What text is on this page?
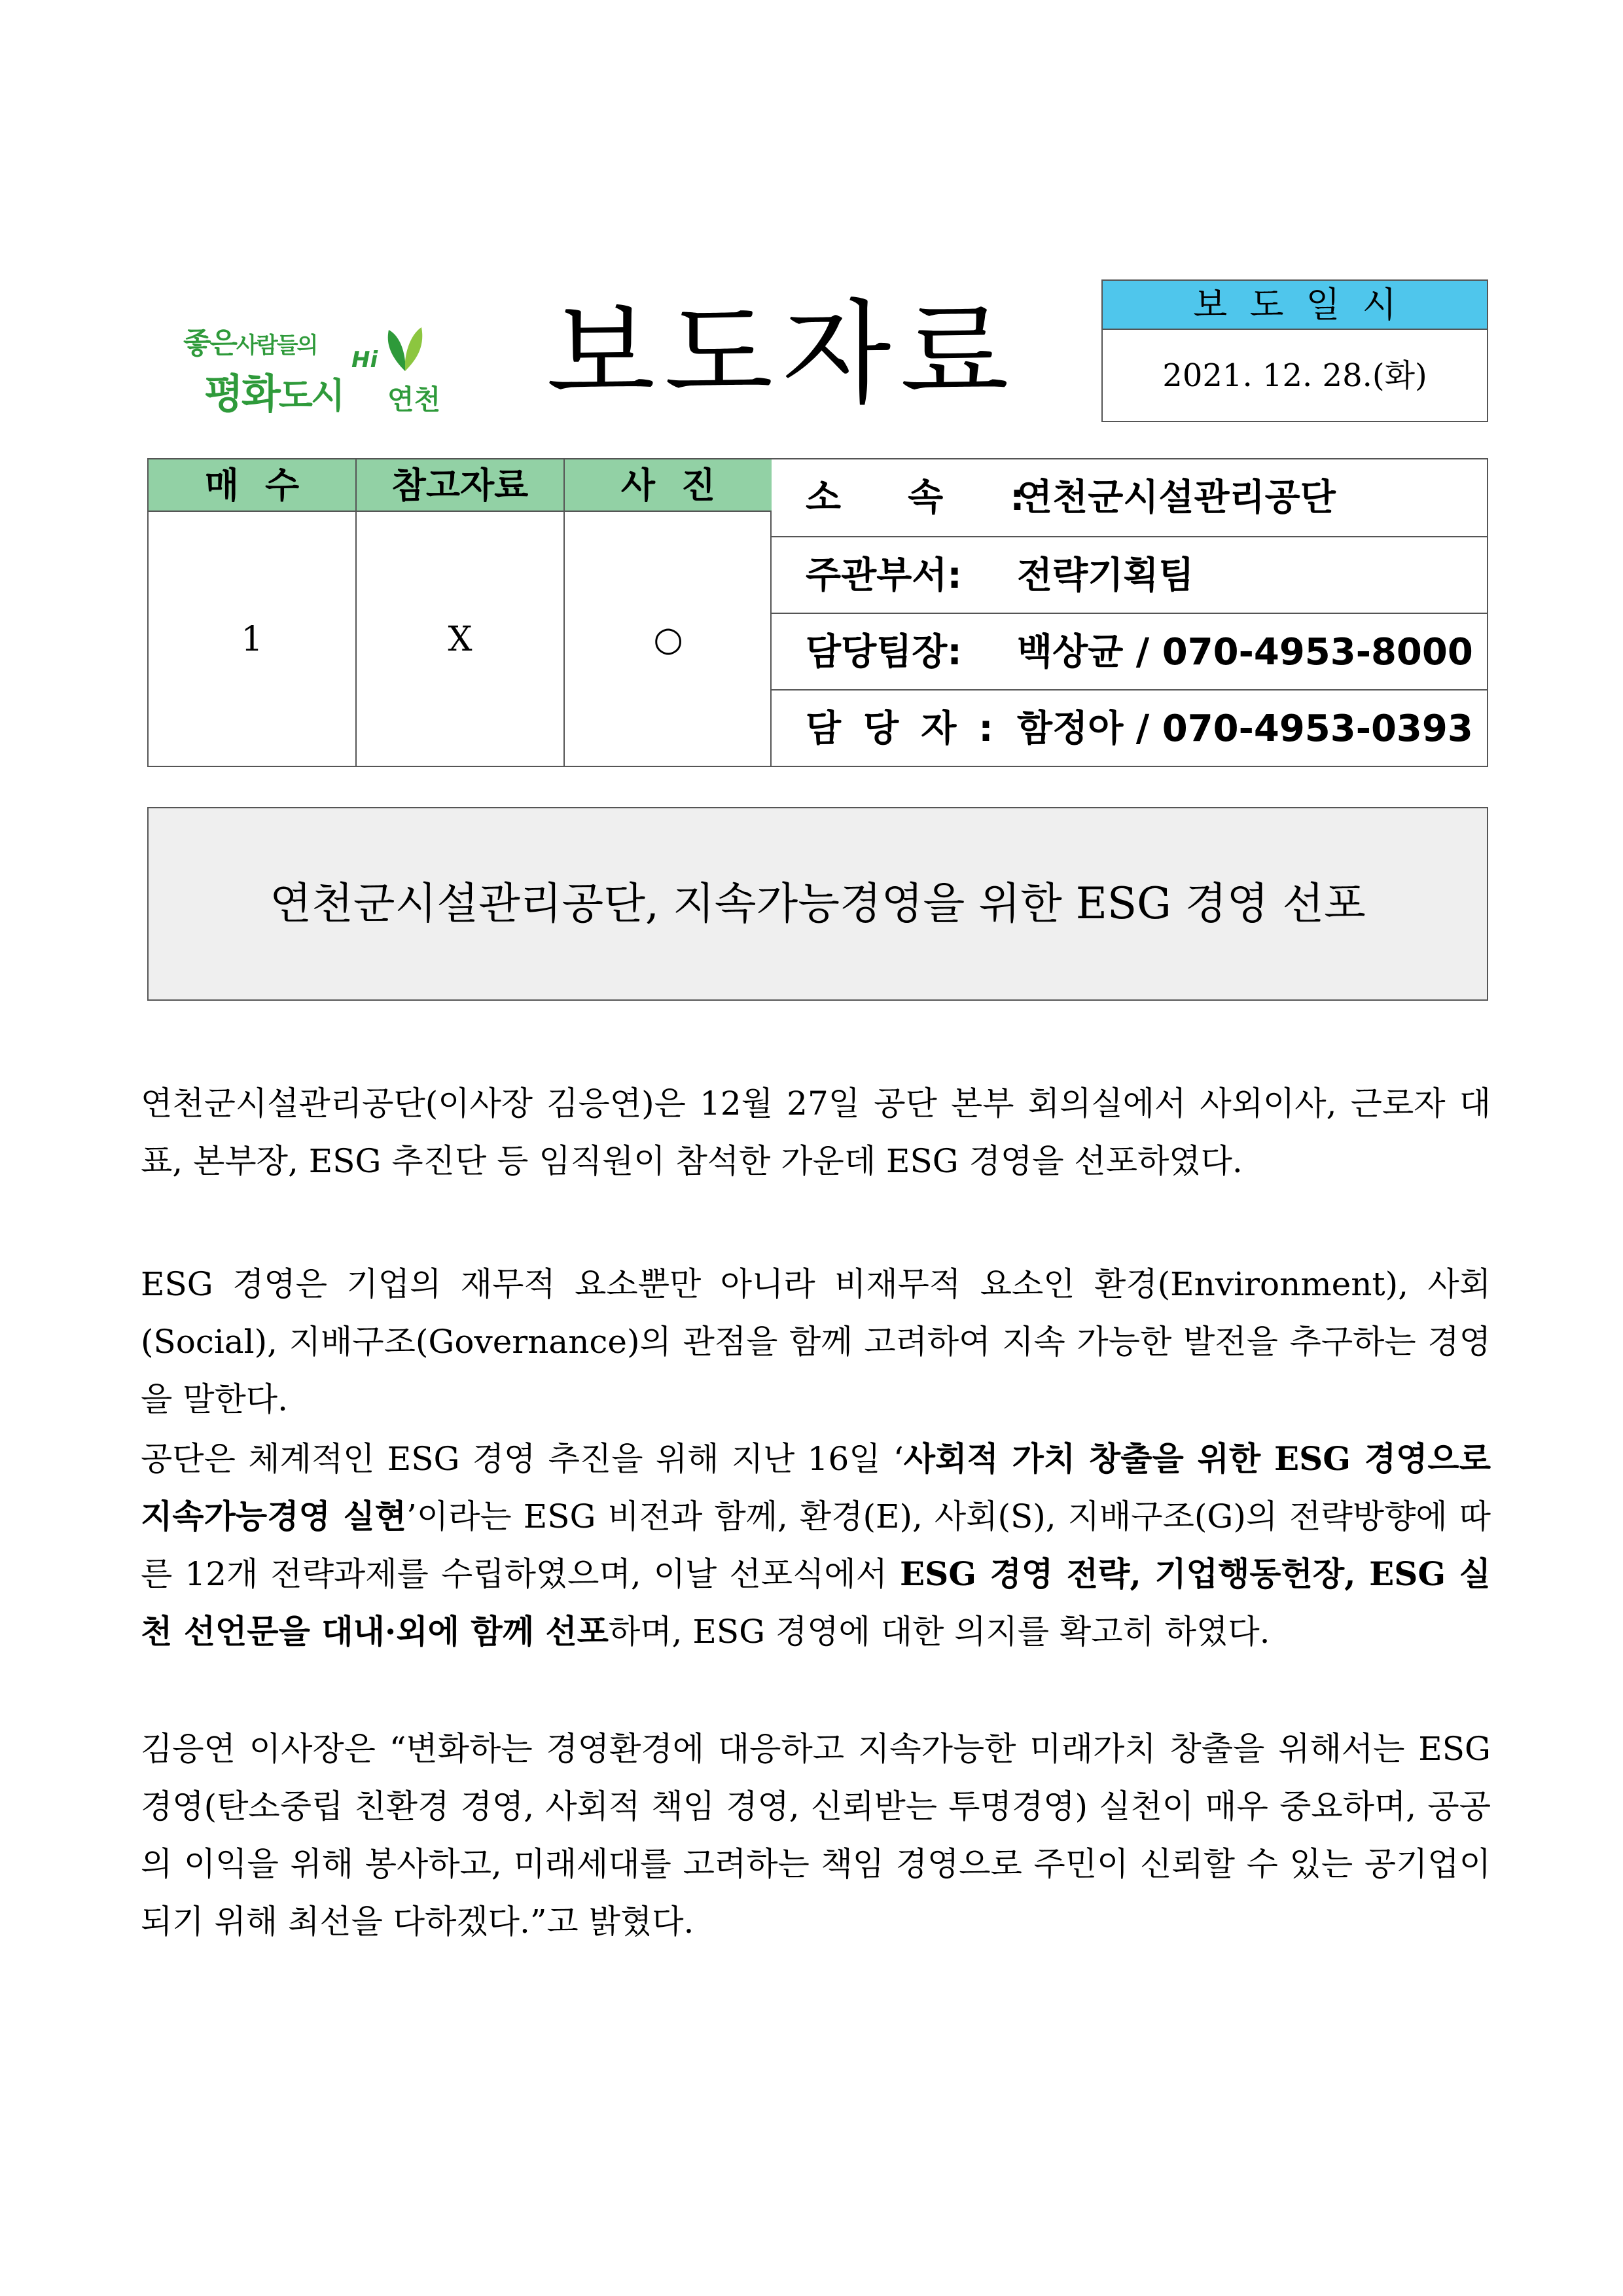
좋은사람들의
평화도시
Hi
연천 보도자료	보도일시
2021. 12. 28.(화)
매수	참고자료	사진
1	X	○
소속:
연천군시설관리공단
주관부서: 전략기획팀
담당팀장: 백상균 / 070-4953-8000
담당자: 함정아 / 070-4953-0393
연천군시설관리공단, 지속가능경영을 위한 ESG 경영 선포
연천군시설관리공단(이사장 김응연)은 12월 27일 공단 본부 회의실에서 사외이사, 근로자 대표, 본부장, ESG 추진단 등 임직원이 참석한 가운데 ESG 경영을 선포하였다.
ESG 경영은 기업의 재무적 요소뿐만 아니라 비재무적 요소인 환경(Environment), 사회(Social), 지배구조(Governance)의 관점을 함께 고려하여 지속 가능한 발전을 추구하는 경영을 말한다.
공단은 체계적인 ESG 경영 추진을 위해 지난 16일 ‘사회적 가치 창출을 위한 ESG 경영으로 지속가능경영 실현’이라는 ESG 비전과 함께, 환경(E), 사회(S), 지배구조(G)의 전략방향에 따른 12개 전략과제를 수립하였으며, 이날 선포식에서 ESG 경영 전략, 기업행동헌장, ESG 실천 선언문을 대내·외에 함께 선포하며, ESG 경영에 대한 의지를 확고히 하였다.
김응연 이사장은 “변화하는 경영환경에 대응하고 지속가능한 미래가치 창출을 위해서는 ESG 경영(탄소중립 친환경 경영, 사회적 책임 경영, 신뢰받는 투명경영) 실천이 매우 중요하며, 공공의 이익을 위해 봉사하고, 미래세대를 고려하는 책임 경영으로 주민이 신뢰할 수 있는 공기업이 되기 위해 최선을 다하겠다.”고 밝혔다.
